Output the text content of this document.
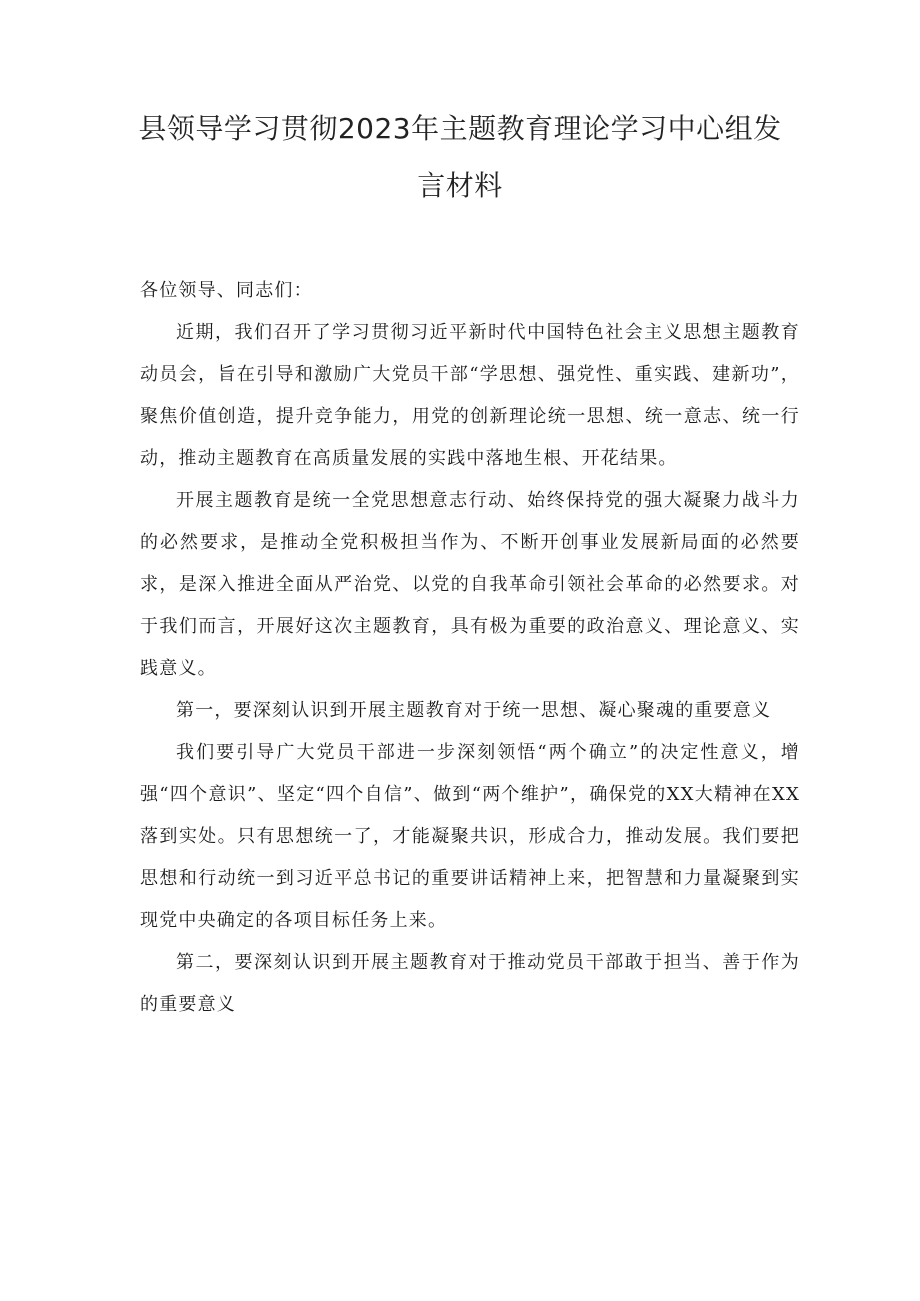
县领导学习贯彻2023年主题教育理论学习中心组发
言材料

各位领导、同志们：

近期，我们召开了学习贯彻习近平新时代中国特色社会主义思想主题教育动员会，旨在引导和激励广大党员干部“学思想、强党性、重实践、建新功”，聚焦价值创造，提升竞争能力，用党的创新理论统一思想、统一意志、统一行动，推动主题教育在高质量发展的实践中落地生根、开花结果。

开展主题教育是统一全党思想意志行动、始终保持党的强大凝聚力战斗力的必然要求，是推动全党积极担当作为、不断开创事业发展新局面的必然要求，是深入推进全面从严治党、以党的自我革命引领社会革命的必然要求。对于我们而言，开展好这次主题教育，具有极为重要的政治意义、理论意义、实践意义。

第一，要深刻认识到开展主题教育对于统一思想、凝心聚魂的重要意义

我们要引导广大党员干部进一步深刻领悟“两个确立”的决定性意义，增强“四个意识”、坚定“四个自信”、做到“两个维护”，确保党的XX大精神在XX落到实处。只有思想统一了，才能凝聚共识，形成合力，推动发展。我们要把思想和行动统一到习近平总书记的重要讲话精神上来，把智慧和力量凝聚到实现党中央确定的各项目标任务上来。

第二，要深刻认识到开展主题教育对于推动党员干部敢于担当、善于作为的重要意义
